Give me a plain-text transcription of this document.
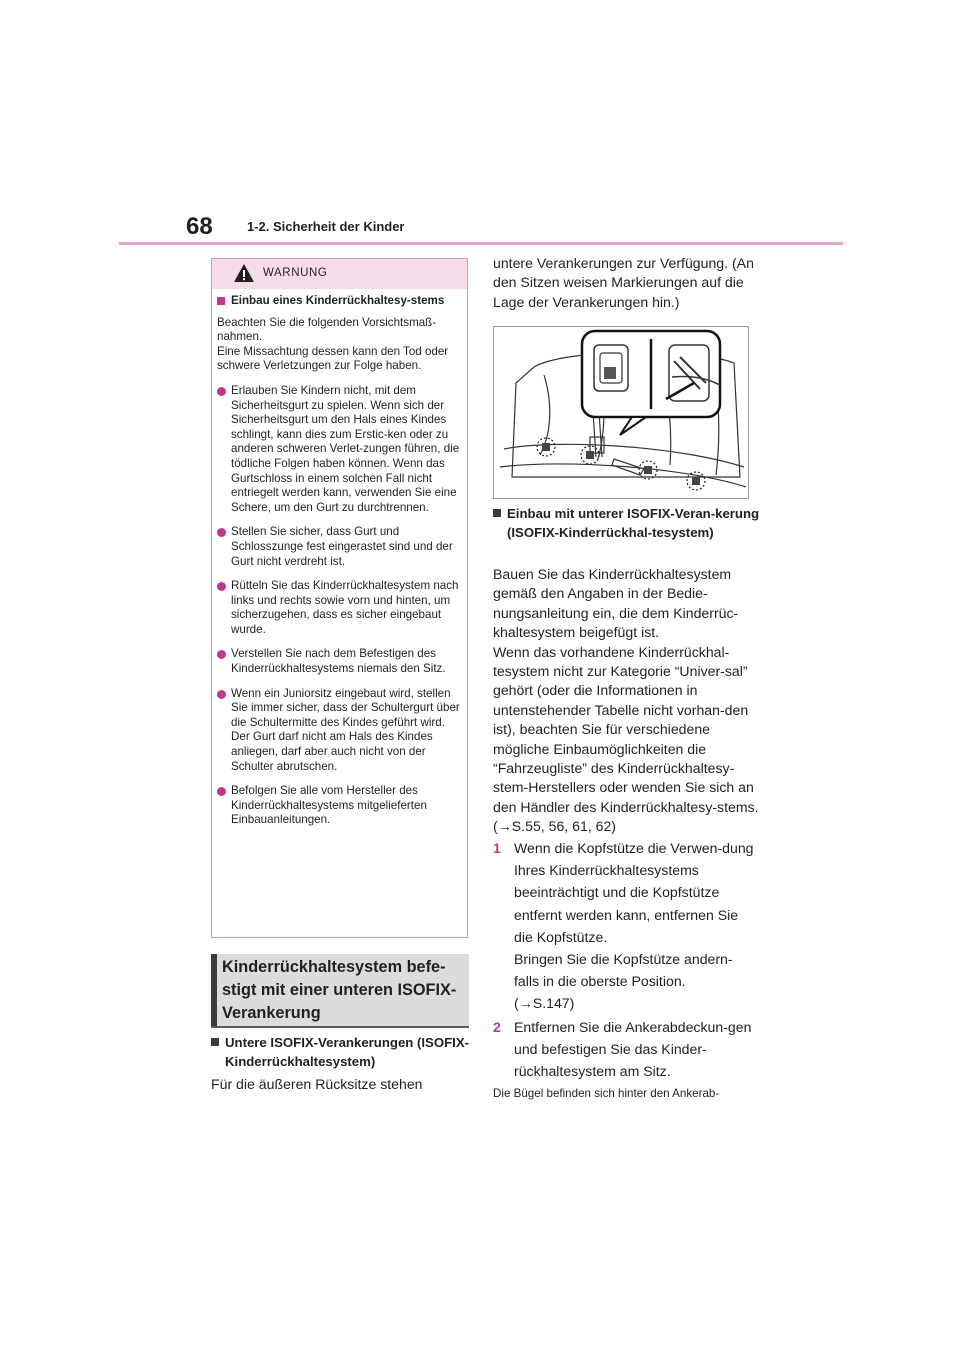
68	1-2. Sicherheit der Kinder
WARNUNG
Einbau eines Kinderrückhaltesy-stems
Beachten Sie die folgenden Vorsichtsmaß-nahmen.
Eine Missachtung dessen kann den Tod oder schwere Verletzungen zur Folge haben.
Erlauben Sie Kindern nicht, mit dem Sicherheitsgurt zu spielen. Wenn sich der Sicherheitsgurt um den Hals eines Kindes schlingt, kann dies zum Erstic-ken oder zu anderen schweren Verlet-zungen führen, die tödliche Folgen haben können. Wenn das Gurtschloss in einem solchen Fall nicht entriegelt werden kann, verwenden Sie eine Schere, um den Gurt zu durchtrennen.
Stellen Sie sicher, dass Gurt und Schlosszunge fest eingerastet sind und der Gurt nicht verdreht ist.
Rütteln Sie das Kinderrückhaltesystem nach links und rechts sowie vorn und hinten, um sicherzugehen, dass es sicher eingebaut wurde.
Verstellen Sie nach dem Befestigen des Kinderrückhaltesystems niemals den Sitz.
Wenn ein Juniorsitz eingebaut wird, stellen Sie immer sicher, dass der Schultergurt über die Schultermitte des Kindes geführt wird. Der Gurt darf nicht am Hals des Kindes anliegen, darf aber auch nicht von der Schulter abrutschen.
Befolgen Sie alle vom Hersteller des Kinderrückhaltesystems mitgelieferten Einbauanleitungen.
Kinderrückhaltesystem befe-stigt mit einer unteren ISOFIX-Verankerung
Untere ISOFIX-Verankerungen (ISOFIX-Kinderrückhaltesystem)
Für die äußeren Rücksitze stehen
untere Verankerungen zur Verfügung. (An den Sitzen weisen Markierungen auf die Lage der Verankerungen hin.)
Einbau mit unterer ISOFIX-Veran-kerung (ISOFIX-Kinderrückhal-tesystem)
Bauen Sie das Kinderrückhaltesystem gemäß den Angaben in der Bedie-nungsanleitung ein, die dem Kinderrüc-khaltesystem beigefügt ist.
Wenn das vorhandene Kinderrückhal-tesystem nicht zur Kategorie “Univer-sal” gehört (oder die Informationen in untenstehender Tabelle nicht vorhan-den ist), beachten Sie für verschiedene mögliche Einbaumöglichkeiten die “Fahrzeugliste” des Kinderrückhaltesy-stem-Herstellers oder wenden Sie sich an den Händler des Kinderrückhaltesy-stems. (→S.55, 56, 61, 62)
1 Wenn die Kopfstütze die Verwen-dung Ihres Kinderrückhaltesystems beeinträchtigt und die Kopfstütze entfernt werden kann, entfernen Sie die Kopfstütze.
Bringen Sie die Kopfstütze andern-falls in die oberste Position.
(→S.147)
2 Entfernen Sie die Ankerabdeckun-gen und befestigen Sie das Kinder-rückhaltesystem am Sitz.
Die Bügel befinden sich hinter den Ankerab-
